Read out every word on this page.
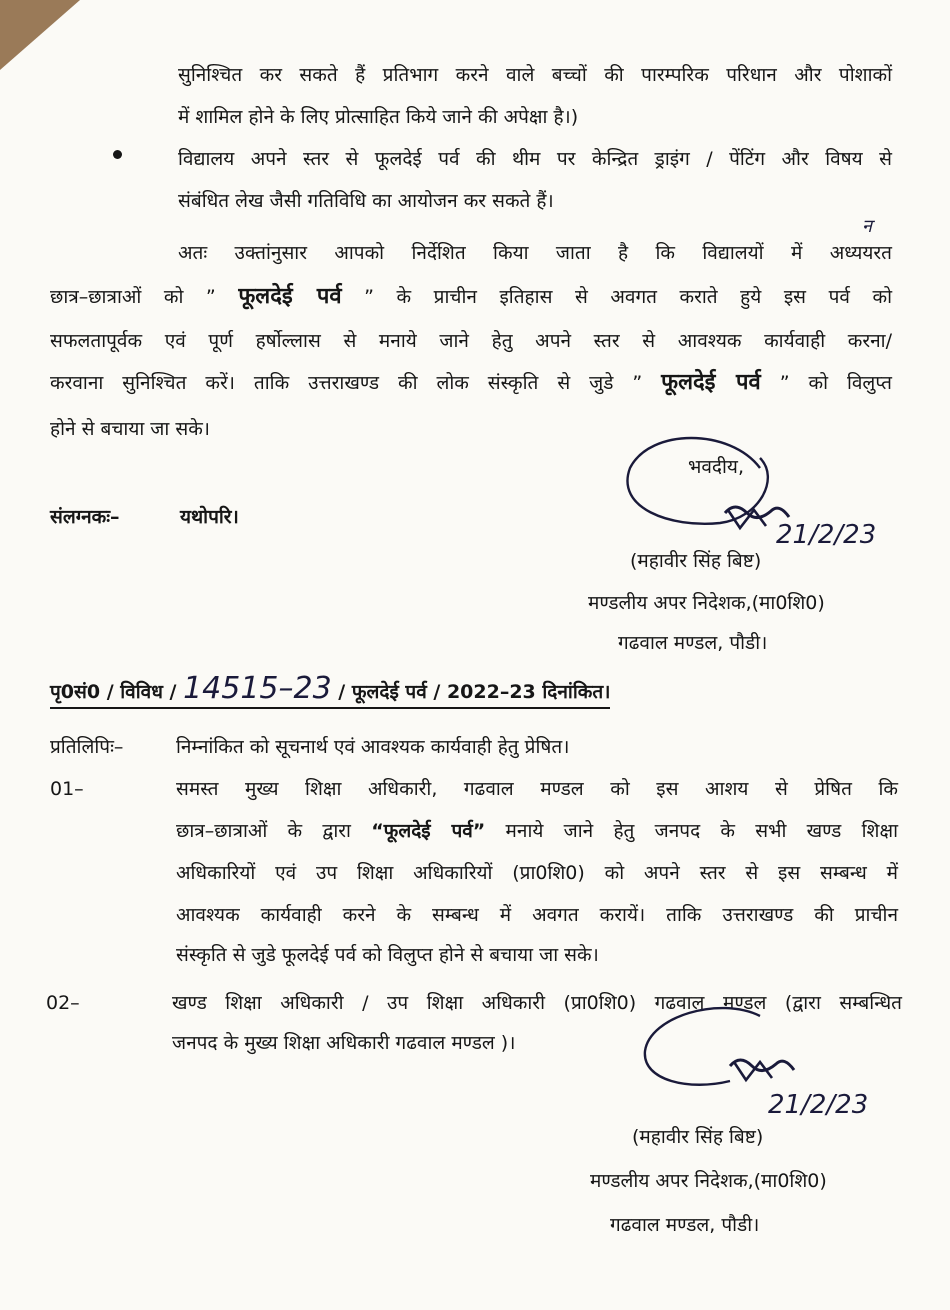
सुनिश्चित कर सकते हैं प्रतिभाग करने वाले बच्चों की पारम्परिक परिधान और पोशाकों
में शामिल होने के लिए प्रोत्साहित किये जाने की अपेक्षा है।)
विद्यालय अपने स्तर से फूलदेई पर्व की थीम पर केन्द्रित ड्राइंग / पेंटिंग और विषय से
संबंधित लेख जैसी गतिविधि का आयोजन कर सकते हैं।
न
अतः उक्तांनुसार आपको निर्देशित किया जाता है कि विद्यालयों में अध्ययरत
छात्र–छात्राओं को ” फूलदेई पर्व ” के प्राचीन इतिहास से अवगत कराते हुये इस पर्व को
सफलतापूर्वक एवं पूर्ण हर्षोल्लास से मनाये जाने हेतु अपने स्तर से आवश्यक कार्यवाही करना/
करवाना सुनिश्चित करें। ताकि उत्तराखण्ड की लोक संस्कृति से जुडे ” फूलदेई पर्व ” को विलुप्त
होने से बचाया जा सके।
भवदीय,
21/2/23
(महावीर सिंह बिष्ट)
मण्डलीय अपर निदेशक,(मा0शि0)
गढवाल मण्डल, पौडी।
संलग्नकः–	यथोपरि।
पृ0सं0 / विविध / 14515–23 / फूलदेई पर्व / 2022–23 दिनांकित।
प्रतिलिपिः–	निम्नांकित को सूचनार्थ एवं आवश्यक कार्यवाही हेतु प्रेषित।
01–	समस्त मुख्य शिक्षा अधिकारी, गढवाल मण्डल को इस आशय से प्रेषित कि
छात्र–छात्राओं के द्वारा “फूलदेई पर्व” मनाये जाने हेतु जनपद के सभी खण्ड शिक्षा
अधिकारियों एवं उप शिक्षा अधिकारियों (प्रा0शि0) को अपने स्तर से इस सम्बन्ध में
आवश्यक कार्यवाही करने के सम्बन्ध में अवगत करायें। ताकि उत्तराखण्ड की प्राचीन
संस्कृति से जुडे फूलदेई पर्व को विलुप्त होने से बचाया जा सके।
02–	खण्ड शिक्षा अधिकारी / उप शिक्षा अधिकारी (प्रा0शि0) गढवाल मण्डल (द्वारा सम्बन्धित
जनपद के मुख्य शिक्षा अधिकारी गढवाल मण्डल )।
21/2/23
(महावीर सिंह बिष्ट)
मण्डलीय अपर निदेशक,(मा0शि0)
गढवाल मण्डल, पौडी।
